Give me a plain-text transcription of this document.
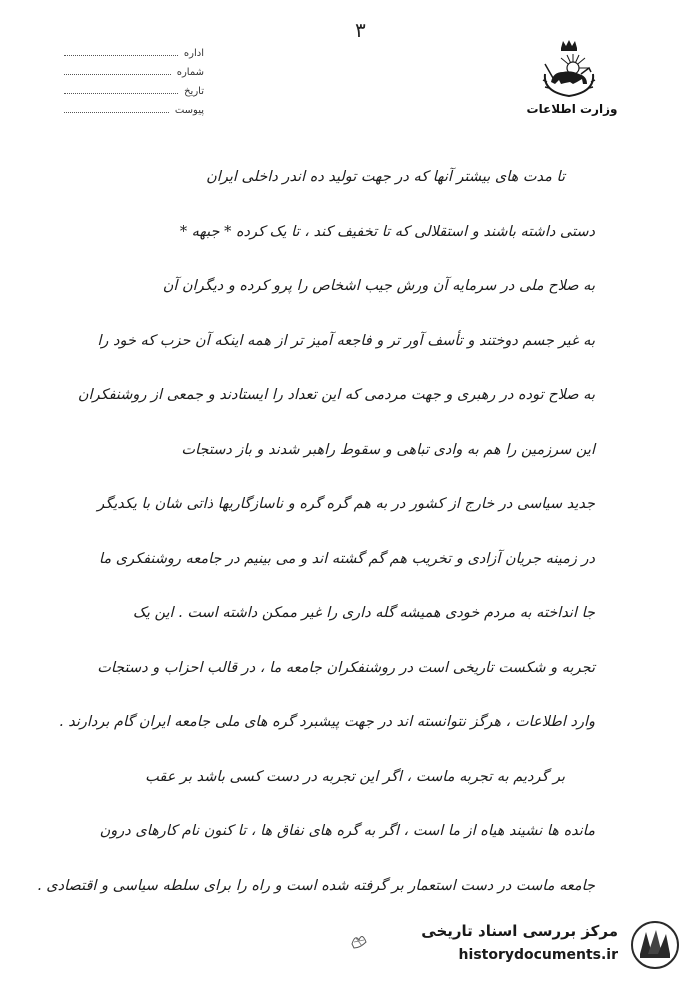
۳
اداره
شماره
تاریخ
پیوست	وزارت اطلاعات
تا مدت های بیشتر آنها که در جهت تولید ده اندر داخلی ایران
دستی داشته باشند و استقلالی که تا تخفیف کند ، تا یک کرده * جبهه *
به صلاح ملی در سرمایه آن ورش جیب اشخاص را پرو کرده و دیگران آن
به غیر جسم دوختند و تأسف آور تر و فاجعه آمیز تر از همه اینکه آن حزب که خود را
به صلاح توده در رهبری و جهت مردمی که این تعداد را ایستادند و جمعی از روشنفکران
این سرزمین را هم به وادی تباهی و سقوط راهبر شدند و باز دستجات
جدید سیاسی در خارج از کشور در به هم گره گره و ناسازگاریها ذاتی شان با یکدیگر
در زمینه جریان آزادی و تخریب هم گم گشته اند و می بینیم در جامعه روشنفکری ما
جا انداخته به مردم خودی همیشه گله داری را غیر ممکن داشته است . این یک
تجربه و شکست تاریخی است در روشنفکران جامعه ما ، در قالب احزاب و دستجات
وارد اطلاعات ، هرگز نتوانسته اند در جهت پیشبرد گره های ملی جامعه ایران گام بردارند .
بر گردیم به تجربه ماست ، اگر این تجربه در دست کسی باشد بر عقب
مانده ها نشیند هیاه از ما است ، اگر به گره های نفاق ها ، تا کنون نام کارهای درون
جامعه ماست در دست استعمار بر گرفته شده است و راه را برای سلطه سیاسی و اقتصادی .
مرکز بررسی اسناد تاریخی
historydocuments.ir
